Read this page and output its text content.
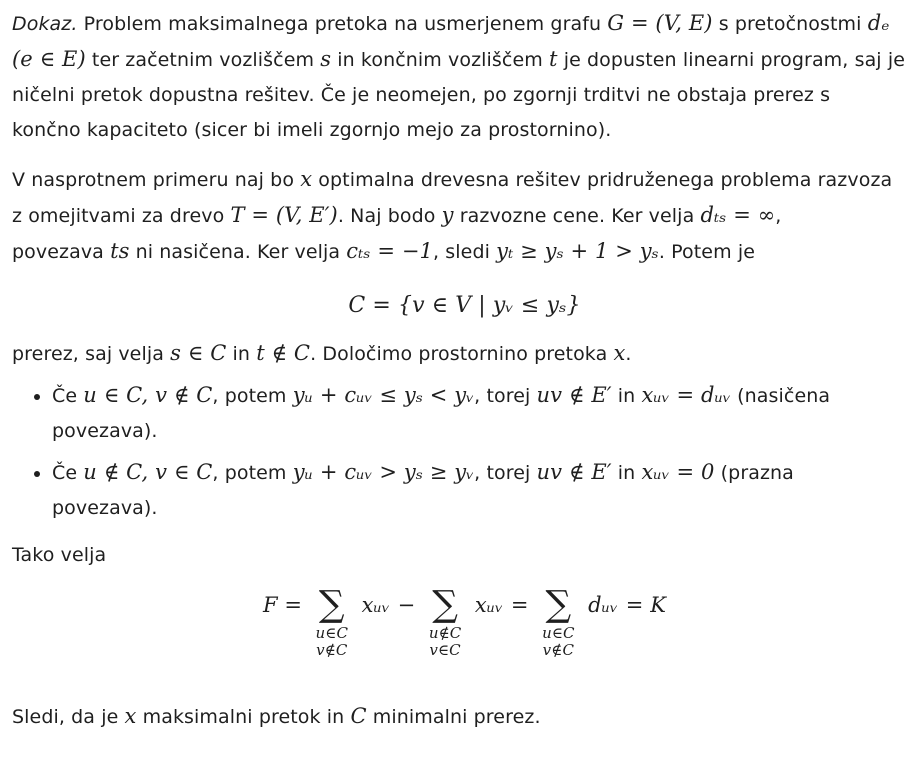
Dokaz. Problem maksimalnega pretoka na usmerjenem grafu G = (V, E) s pretočnostmi dₑ

(e ∈ E) ter začetnim vozliščem s in končnim vozliščem t je dopusten linearni program, saj je

ničelni pretok dopustna rešitev. Če je neomejen, po zgornji trditvi ne obstaja prerez s

končno kapaciteto (sicer bi imeli zgornjo mejo za prostornino).

V nasprotnem primeru naj bo x optimalna drevesna rešitev pridruženega problema razvoza

z omejitvami za drevo T = (V, E′). Naj bodo y razvozne cene. Ker velja dₜₛ = ∞,

povezava ts ni nasičena. Ker velja cₜₛ = −1, sledi yₜ ≥ yₛ + 1 > yₛ. Potem je

C = {v ∈ V | yᵥ ≤ yₛ}

prerez, saj velja s ∈ C in t ∉ C. Določimo prostornino pretoka x.

• Če u ∈ C, v ∉ C, potem yᵤ + cᵤᵥ ≤ yₛ < yᵥ, torej uv ∉ E′ in xᵤᵥ = dᵤᵥ (nasičena
povezava).
• Če u ∉ C, v ∈ C, potem yᵤ + cᵤᵥ > yₛ ≥ yᵥ, torej uv ∉ E′ in xᵤᵥ = 0 (prazna
povezava).

Tako velja

F = ∑
u∈C
v∉C
xᵤᵥ − ∑
u∉C
v∈C
xᵤᵥ = ∑
u∈C
v∉C
dᵤᵥ = K

Sledi, da je x maksimalni pretok in C minimalni prerez.
